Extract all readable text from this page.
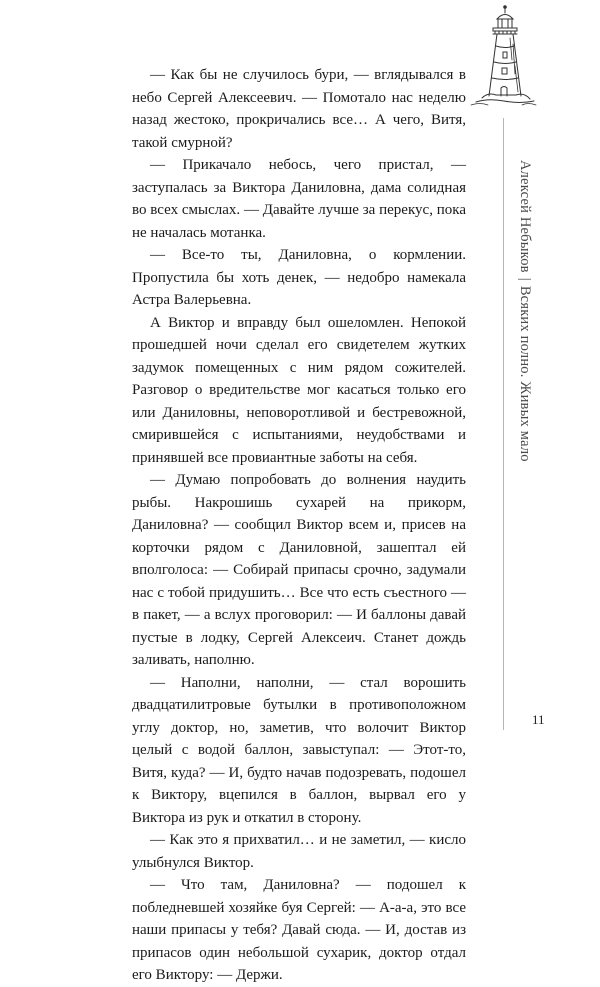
Алексей Небыков|Всяких полно. Живых мало

— Как бы не случилось бури, — вглядывался в небо Сергей Алексеевич. — Помотало нас неделю назад жестоко, прокричались все… А чего, Витя, такой смурной?

— Прикачало небось, чего пристал, — заступалась за Виктора Даниловна, дама солидная во всех смыслах. — Давайте лучше за перекус, пока не началась мотанка.

— Все-то ты, Даниловна, о кормлении. Пропустила бы хоть денек, — недобро намекала Астра Валерьевна.

А Виктор и вправду был ошеломлен. Непокой прошедшей ночи сделал его свидетелем жутких задумок помещенных с ним рядом сожителей. Разговор о вредительстве мог касаться только его или Даниловны, неповоротливой и бестревожной, смирившейся с испытаниями, неудобствами и принявшей все провиантные заботы на себя.

— Думаю попробовать до волнения наудить рыбы. Накрошишь сухарей на прикорм, Даниловна? — сообщил Виктор всем и, присев на корточки рядом с Даниловной, зашептал ей вполголоса: — Собирай припасы срочно, задумали нас с тобой придушить… Все что есть съестного — в пакет, — а вслух проговорил: — И баллоны давай пустые в лодку, Сергей Алексеич. Станет дождь заливать, наполню.

— Наполни, наполни, — стал ворошить двадцатилитровые бутылки в противоположном углу доктор, но, заметив, что волочит Виктор целый с водой баллон, завыступал: — Этот-то, Витя, куда? — И, будто начав подозревать, подошел к Виктору, вцепился в баллон, вырвал его у Виктора из рук и откатил в сторону.

— Как это я прихватил… и не заметил, — кисло улыбнулся Виктор.

— Что там, Даниловна? — подошел к побледневшей хозяйке буя Сергей: — А-а-а, это все наши припасы у тебя? Давай сюда. — И, достав из припасов один небольшой сухарик, доктор отдал его Виктору: — Держи.

11
